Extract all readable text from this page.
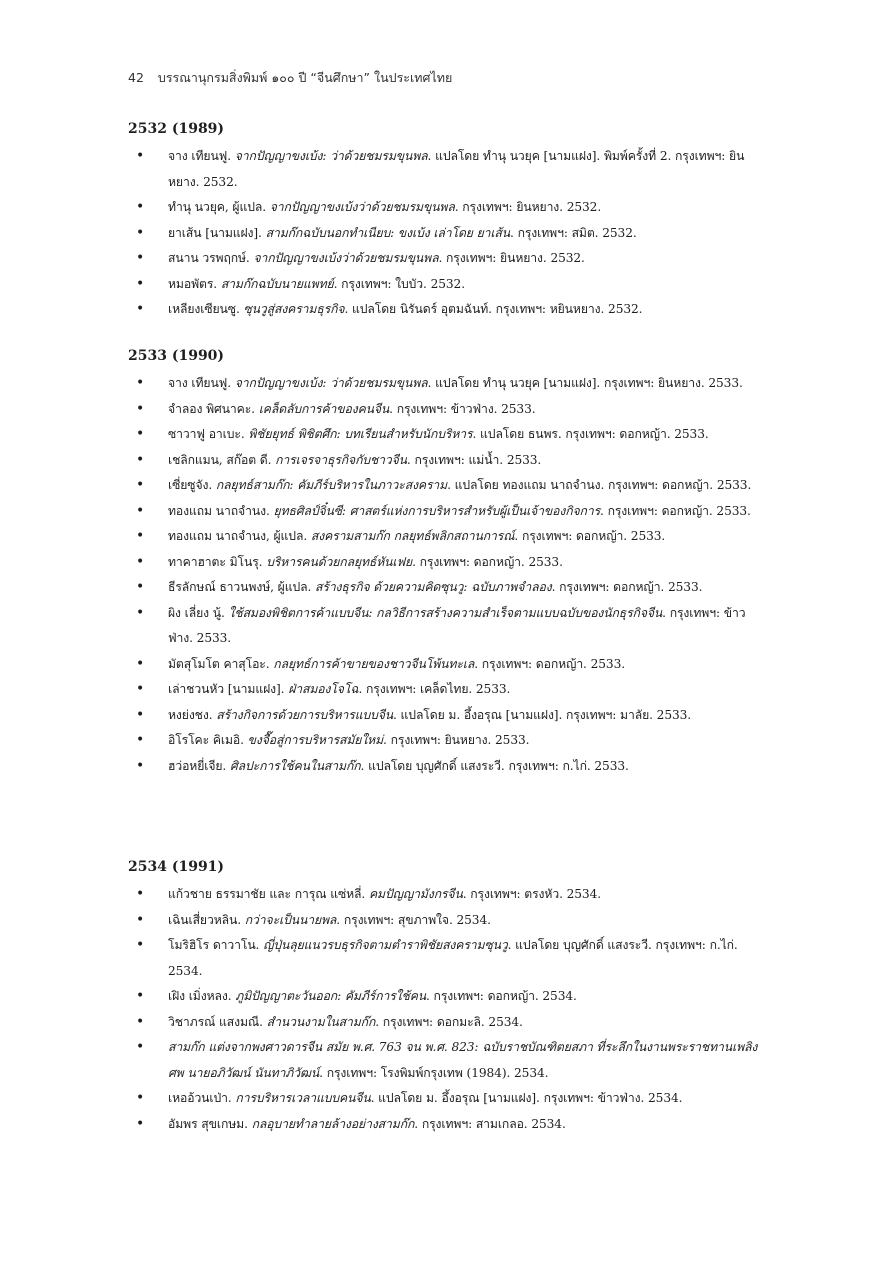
42 บรรณานุกรมสิ่งพิมพ์ ๑๐๐ ปี “จีนศึกษา” ในประเทศไทย
2532 (1989)
• จาง เทียนฟู. จากปัญญาขงเบ้ง: ว่าด้วยชมรมขุนพล. แปลโดย ทำนุ นวยุค [นามแฝง]. พิมพ์ครั้งที่ 2. กรุงเทพฯ: ยินหยาง. 2532.
• ทำนุ นวยุค, ผู้แปล. จากปัญญาขงเบ้งว่าด้วยชมรมขุนพล. กรุงเทพฯ: ยินหยาง. 2532.
• ยาเส้น [นามแฝง]. สามก๊กฉบับนอกทำเนียบ: ขงเบ้ง เล่าโดย ยาเส้น. กรุงเทพฯ: สมิต. 2532.
• สนาน วรพฤกษ์. จากปัญญาขงเบ้งว่าด้วยชมรมขุนพล. กรุงเทพฯ: ยินหยาง. 2532.
• หมอพัตร. สามก๊กฉบับนายแพทย์. กรุงเทพฯ: ใบบัว. 2532.
• เหลียงเซียนซู. ซุนวูสู่สงครามธุรกิจ. แปลโดย นิรันดร์ อุตมฉันท์. กรุงเทพฯ: หยินหยาง. 2532.
2533 (1990)
• จาง เทียนฟู. จากปัญญาขงเบ้ง: ว่าด้วยชมรมขุนพล. แปลโดย ทำนุ นวยุค [นามแฝง]. กรุงเทพฯ: ยินหยาง. 2533.
• จำลอง พิศนาคะ. เคล็ดลับการค้าของคนจีน. กรุงเทพฯ: ข้าวฟ่าง. 2533.
• ซาวาฟู อาเบะ. พิชัยยุทธ์ พิชิตศึก: บทเรียนสำหรับนักบริหาร. แปลโดย ธนพร. กรุงเทพฯ: ดอกหญ้า. 2533.
• เชลิกแมน, สก๊อต ดี. การเจรจาธุรกิจกับชาวจีน. กรุงเทพฯ: แม่น้ำ. 2533.
• เซี่ยซูจัง. กลยุทธ์สามก๊ก: คัมภีร์บริหารในภาวะสงคราม. แปลโดย ทองแถม นาถจำนง. กรุงเทพฯ: ดอกหญ้า. 2533.
• ทองแถม นาถจำนง. ยุทธศิลป์จิ๋นซี: ศาสตร์แห่งการบริหารสำหรับผู้เป็นเจ้าของกิจการ. กรุงเทพฯ: ดอกหญ้า. 2533.
• ทองแถม นาถจำนง, ผู้แปล. สงครามสามก๊ก กลยุทธ์พลิกสถานการณ์. กรุงเทพฯ: ดอกหญ้า. 2533.
• ทาคาฮาตะ มิโนรุ. บริหารคนด้วยกลยุทธ์หันเฟย. กรุงเทพฯ: ดอกหญ้า. 2533.
• ธีรลักษณ์ ธาวนพงษ์, ผู้แปล. สร้างธุรกิจ ด้วยความคิดซุนวู: ฉบับภาพจำลอง. กรุงเทพฯ: ดอกหญ้า. 2533.
• ผิง เลี่ยง นู้. ใช้สมองพิชิตการค้าแบบจีน: กลวิธีการสร้างความสำเร็จตามแบบฉบับของนักธุรกิจจีน. กรุงเทพฯ: ข้าวฟ่าง. 2533.
• มัตสุโมโต คาสุโอะ. กลยุทธ์การค้าขายของชาวจีนโพ้นทะเล. กรุงเทพฯ: ดอกหญ้า. 2533.
• เล่าชวนหัว [นามแฝง]. ฝ่าสมองโจโฉ. กรุงเทพฯ: เคล็ดไทย. 2533.
• หงย่งชง. สร้างกิจการด้วยการบริหารแบบจีน. แปลโดย ม. อึ้งอรุณ [นามแฝง]. กรุงเทพฯ: มาลัย. 2533.
• อิโรโคะ คิเมอิ. ขงจื๊อสู่การบริหารสมัยใหม่. กรุงเทพฯ: ยินหยาง. 2533.
• ฮว่อหยี่เจีย. ศิลปะการใช้คนในสามก๊ก. แปลโดย บุญศักดิ์ แสงระวี. กรุงเทพฯ: ก.ไก่. 2533.
2534 (1991)
• แก้วชาย ธรรมาชัย และ การุณ แซ่หลี่. คมปัญญามังกรจีน. กรุงเทพฯ: ตรงหัว. 2534.
• เฉินเสี่ยวหลิน. กว่าจะเป็นนายพล. กรุงเทพฯ: สุขภาพใจ. 2534.
• โมริฮิโร ดาวาโน. ญี่ปุ่นลุยแนวรบธุรกิจตามตำราพิชัยสงครามซุนวู. แปลโดย บุญศักดิ์ แสงระวี. กรุงเทพฯ: ก.ไก่. 2534.
• เฝิง เมิ่งหลง. ภูมิปัญญาตะวันออก: คัมภีร์การใช้คน. กรุงเทพฯ: ดอกหญ้า. 2534.
• วิชาภรณ์ แสงมณี. สำนวนงามในสามก๊ก. กรุงเทพฯ: ดอกมะลิ. 2534.
• สามก๊ก แต่งจากพงศาวดารจีน สมัย พ.ศ. 763 จน พ.ศ. 823: ฉบับราชบัณฑิตยสภา ที่ระลึกในงานพระราชทานเพลิงศพ นายอภิวัฒน์ นันทาภิวัฒน์. กรุงเทพฯ: โรงพิมพ์กรุงเทพ (1984). 2534.
• เหออ้วนเป่า. การบริหารเวลาแบบคนจีน. แปลโดย ม. อึ้งอรุณ [นามแฝง]. กรุงเทพฯ: ข้าวฟ่าง. 2534.
• อัมพร สุขเกษม. กลอุบายทำลายล้างอย่างสามก๊ก. กรุงเทพฯ: สามเกลอ. 2534.
